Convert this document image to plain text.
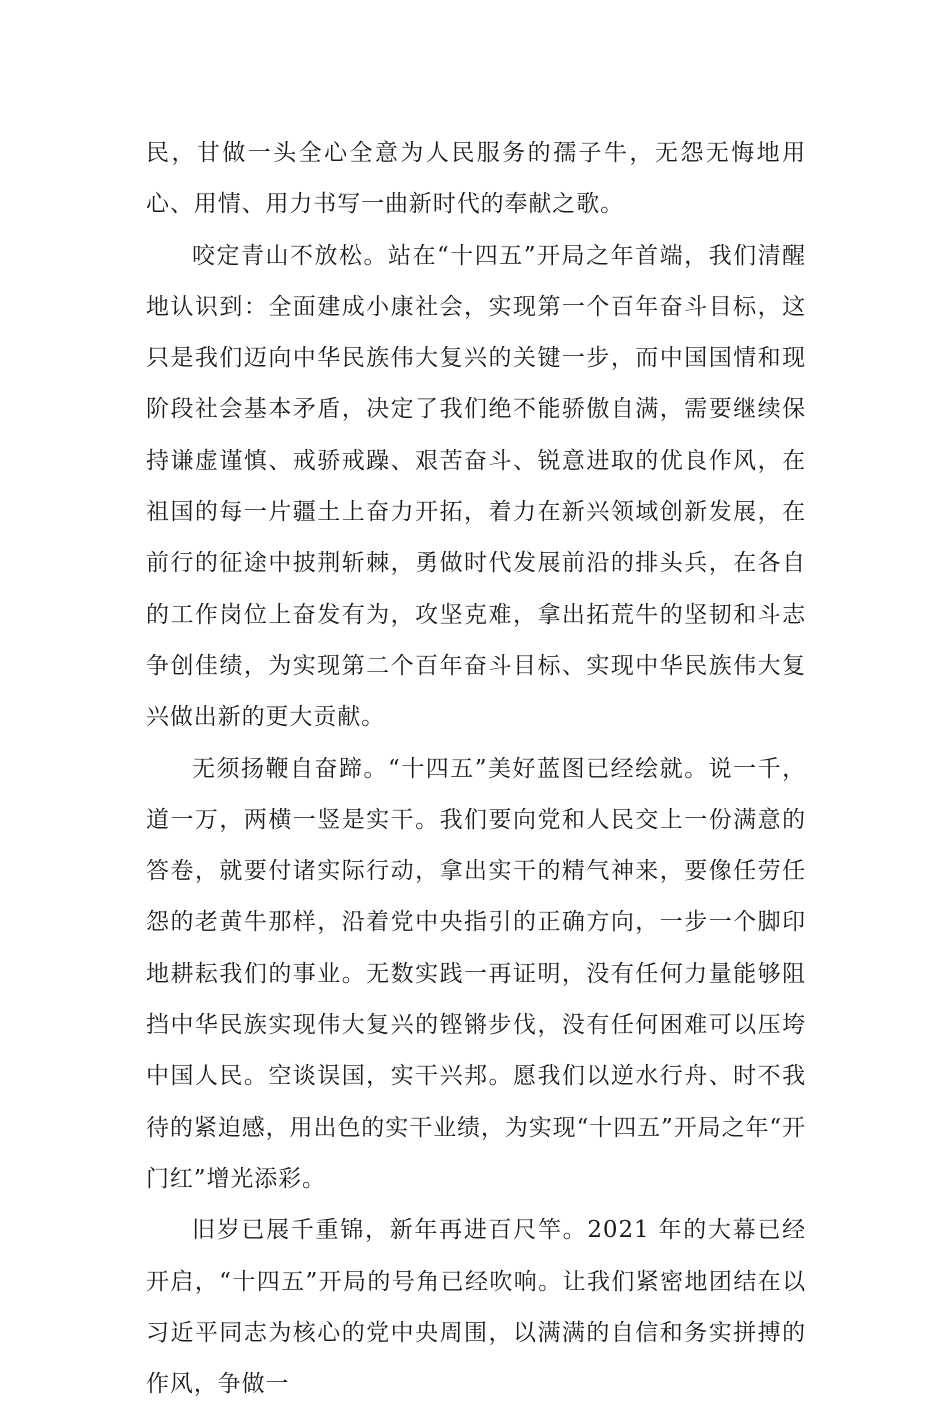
民，甘做一头全心全意为人民服务的孺子牛，无怨无悔地用心、用情、用力书写一曲新时代的奉献之歌。

咬定青山不放松。站在“十四五”开局之年首端，我们清醒地认识到：全面建成小康社会，实现第一个百年奋斗目标，这只是我们迈向中华民族伟大复兴的关键一步，而中国国情和现阶段社会基本矛盾，决定了我们绝不能骄傲自满，需要继续保持谦虚谨慎、戒骄戒躁、艰苦奋斗、锐意进取的优良作风，在祖国的每一片疆土上奋力开拓，着力在新兴领域创新发展，在前行的征途中披荆斩棘，勇做时代发展前沿的排头兵，在各自的工作岗位上奋发有为，攻坚克难，拿出拓荒牛的坚韧和斗志争创佳绩，为实现第二个百年奋斗目标、实现中华民族伟大复兴做出新的更大贡献。

无须扬鞭自奋蹄。“十四五”美好蓝图已经绘就。说一千，道一万，两横一竖是实干。我们要向党和人民交上一份满意的答卷，就要付诸实际行动，拿出实干的精气神来，要像任劳任怨的老黄牛那样，沿着党中央指引的正确方向，一步一个脚印地耕耘我们的事业。无数实践一再证明，没有任何力量能够阻挡中华民族实现伟大复兴的铿锵步伐，没有任何困难可以压垮中国人民。空谈误国，实干兴邦。愿我们以逆水行舟、时不我待的紧迫感，用出色的实干业绩，为实现“十四五”开局之年“开门红”增光添彩。

旧岁已展千重锦，新年再进百尺竿。2021 年的大幕已经开启，“十四五”开局的号角已经吹响。让我们紧密地团结在以习近平同志为核心的党中央周围，以满满的自信和务实拼搏的作风，争做一
